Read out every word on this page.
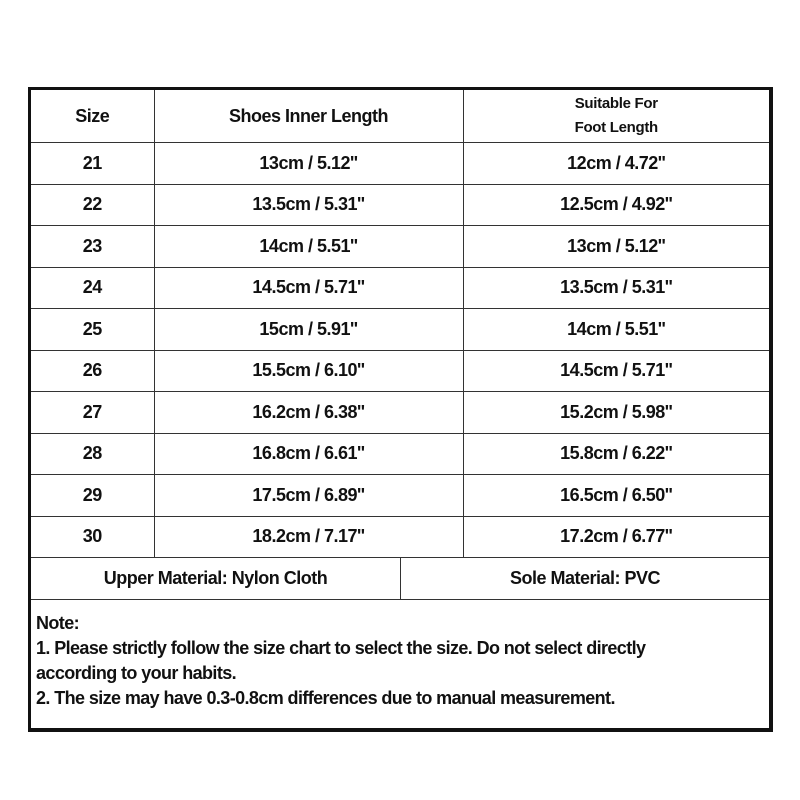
Size	Shoes Inner Length	Suitable For
Foot Length

21	13cm / 5.12''	12cm / 4.72''
22	13.5cm / 5.31''	12.5cm / 4.92''
23	14cm / 5.51''	13cm / 5.12''
24	14.5cm / 5.71''	13.5cm / 5.31''
25	15cm / 5.91''	14cm / 5.51''
26	15.5cm / 6.10''	14.5cm / 5.71''
27	16.2cm / 6.38''	15.2cm / 5.98''
28	16.8cm / 6.61''	15.8cm / 6.22''
29	17.5cm / 6.89''	16.5cm / 6.50''
30	18.2cm / 7.17''	17.2cm / 6.77''
Upper Material: Nylon Cloth	Sole Material: PVC
Note:
1. Please strictly follow the size chart to select the size. Do not select directly
according to your habits.
2. The size may have 0.3-0.8cm differences due to manual measurement.
